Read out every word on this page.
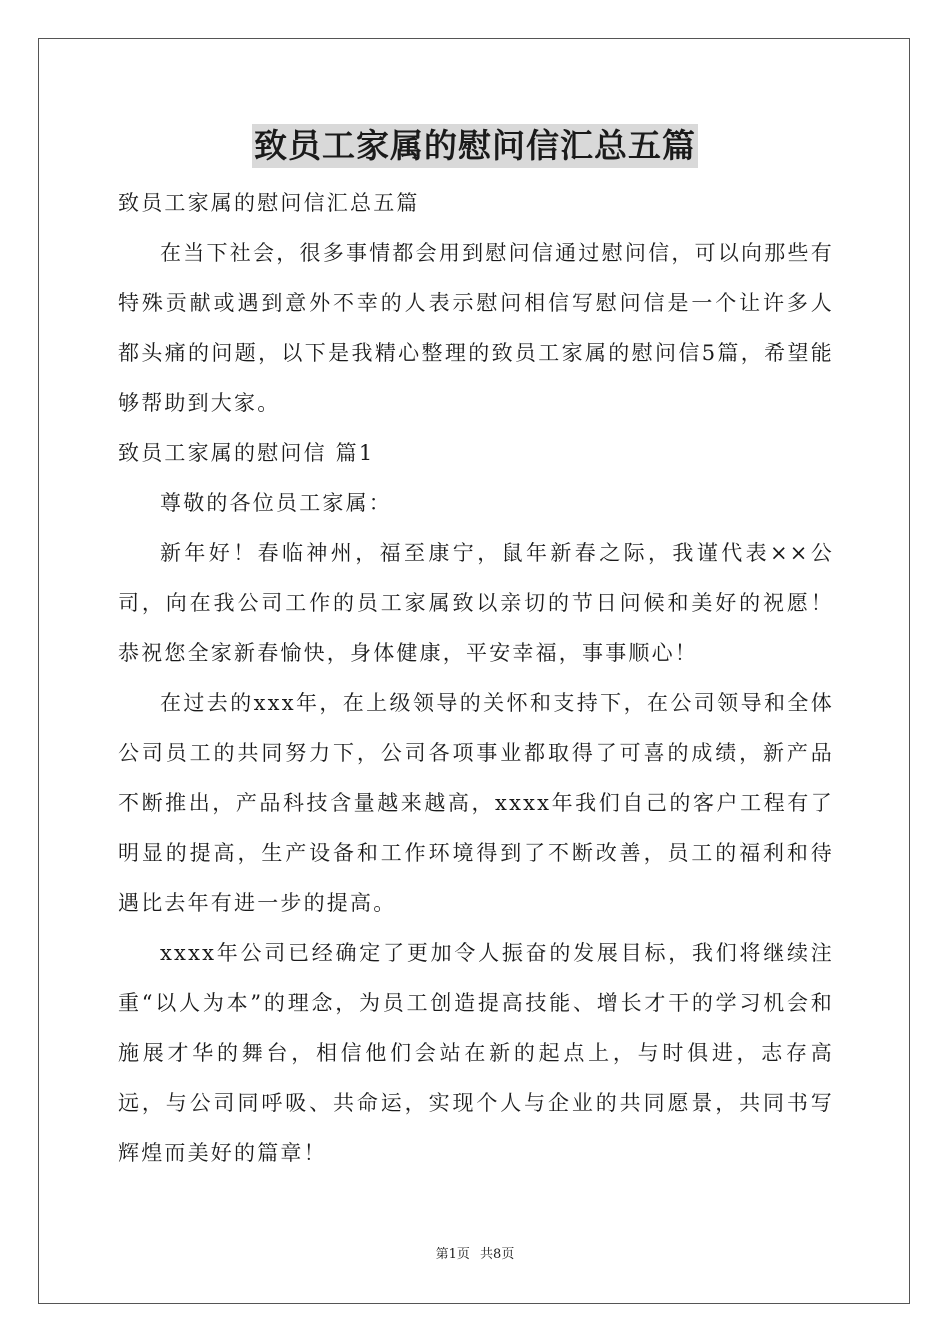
致员工家属的慰问信汇总五篇
致员工家属的慰问信汇总五篇

在当下社会，很多事情都会用到慰问信通过慰问信，可以向那些有特殊贡献或遇到意外不幸的人表示慰问相信写慰问信是一个让许多人都头痛的问题，以下是我精心整理的致员工家属的慰问信5篇，希望能够帮助到大家。

致员工家属的慰问信 篇1

尊敬的各位员工家属：

新年好！春临神州，福至康宁，鼠年新春之际，我谨代表××公司，向在我公司工作的员工家属致以亲切的节日问候和美好的祝愿！恭祝您全家新春愉快，身体健康，平安幸福，事事顺心！

在过去的xxx年，在上级领导的关怀和支持下，在公司领导和全体公司员工的共同努力下，公司各项事业都取得了可喜的成绩，新产品不断推出，产品科技含量越来越高，xxxx年我们自己的客户工程有了明显的提高，生产设备和工作环境得到了不断改善，员工的福利和待遇比去年有进一步的提高。

xxxx年公司已经确定了更加令人振奋的发展目标，我们将继续注重“以人为本”的理念，为员工创造提高技能、增长才干的学习机会和施展才华的舞台，相信他们会站在新的起点上，与时俱进，志存高远，与公司同呼吸、共命运，实现个人与企业的共同愿景，共同书写辉煌而美好的篇章！

第1页 共8页
